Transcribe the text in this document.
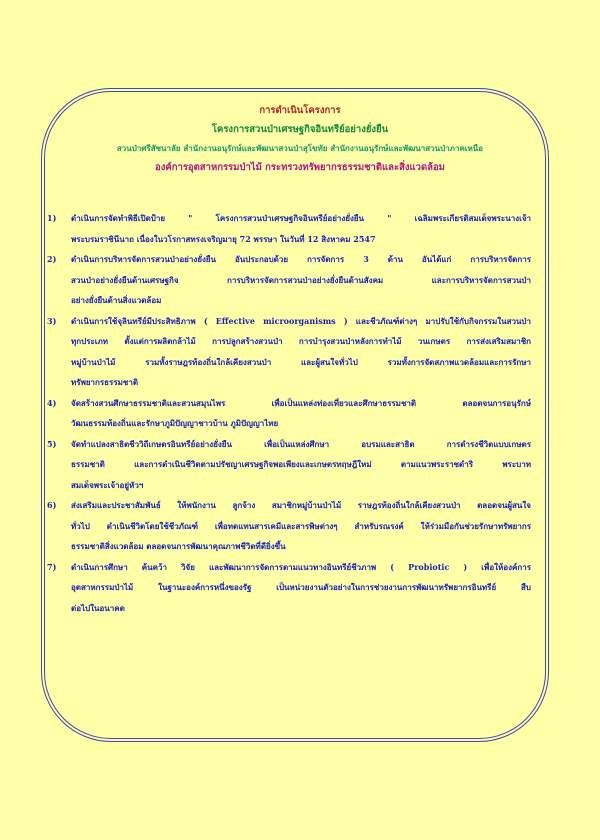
การดำเนินโครงการ
โครงการสวนป่าเศรษฐกิจอินทรีย์อย่างยั่งยืน
สวนป่าศรีสัชนาลัย สำนักงานอนุรักษ์และพัฒนาสวนป่าสุโขทัย สำนักงานอนุรักษ์และพัฒนาสวนป่าภาคเหนือ
องค์การอุตสาหกรรมป่าไม้ กระทรวงทรัพยากรธรรมชาติและสิ่งแวดล้อม
1)	ดำเนินการจัดทำพิธีเปิดป้าย " โครงการสวนป่าเศรษฐกิจอินทรีย์อย่างยั่งยืน " เฉลิมพระเกียรติสมเด็จพระนางเจ้า
พระบรมราชินีนาถ เนื่องในวโรกาสทรงเจริญมายุ 72 พรรษา ในวันที่ 12 สิงหาคม 2547
2)	ดำเนินการบริหารจัดการสวนป่าอย่างยั่งยืน อันประกอบด้วย การจัดการ 3 ด้าน อันได้แก่ การบริหารจัดการ
สวนป่าอย่างยั่งยืนด้านเศรษฐกิจ การบริหารจัดการสวนป่าอย่างยั่งยืนด้านสังคม และการบริหารจัดการสวนป่า
อย่างยั่งยืนด้านสิ่งแวดล้อม
3)	ดำเนินการใช้จุลินทรีย์มีประสิทธิภาพ ( Effective microorganisms ) และชีวภัณฑ์ต่างๆ มาปรับใช้กับกิจกรรมในสวนป่า
ทุกประเภท ตั้งแต่การผลิตกล้าไม้ การปลูกสร้างสวนป่า การบำรุงสวนป่าหลังการทำไม้ วนเกษตร การส่งเสริมสมาชิก
หมู่บ้านป่าไม้ รวมทั้งราษฎรท้องถิ่นใกล้เคียงสวนป่า และผู้สนใจทั่วไป รวมทั้งการจัดสภาพแวดล้อมและการรักษา
ทรัพยากรธรรมชาติ
4)	จัดสร้างสวนศึกษาธรรมชาติและสวนสมุนไพร เพื่อเป็นแหล่งท่องเที่ยวและศึกษาธรรมชาติ ตลอดจนการอนุรักษ์
วัฒนธรรมท้องถิ่นและรักษาภูมิปัญญาชาวบ้าน ภูมิปัญญาไทย
5)	จัดทำแปลงสาธิตชีววิถีเกษตรอินทรีย์อย่างยั่งยืน เพื่อเป็นแหล่งศึกษา อบรมและสาธิต การดำรงชีวิตแบบเกษตร
ธรรมชาติ และการดำเนินชีวิตตามปรัชญาเศรษฐกิจพอเพียงและเกษตรทฤษฎีใหม่ ตามแนวพระราชดำริ พระบาท
สมเด็จพระเจ้าอยู่หัวฯ
6)	ส่งเสริมและประชาสัมพันธ์ ให้พนักงาน ลูกจ้าง สมาชิกหมู่บ้านป่าไม้ ราษฎรท้องถิ่นใกล้เคียงสวนป่า ตลอดจนผู้สนใจ
ทั่วไป ดำเนินชีวิตโดยใช้ชีวภัณฑ์ เพื่อทดแทนสารเคมีและสารพิษต่างๆ สำหรับรณรงค์ ให้ร่วมมือกันช่วยรักษาทรัพยากร
ธรรมชาติสิ่งแวดล้อม ตลอดจนการพัฒนาคุณภาพชีวิตที่ดียิ่งขึ้น
7)	ดำเนินการศึกษา ค้นคว้า วิจัย และพัฒนาการจัดการตามแนวทางอินทรีย์ชีวภาพ ( Probiotic ) เพื่อให้องค์การ
อุตสาหกรรมป่าไม้ ในฐานะองค์การหนึ่งของรัฐ เป็นหน่วยงานตัวอย่างในการช่วยงานการพัฒนาทรัพยากรอินทรีย์ สืบ
ต่อไปในอนาคต
